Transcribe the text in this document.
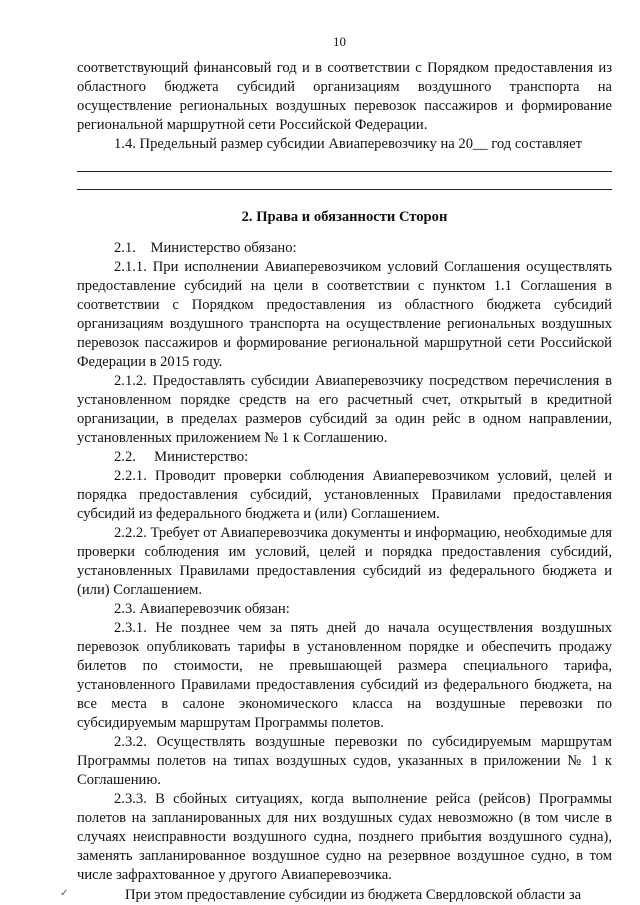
10

соответствующий финансовый год и в соответствии с Порядком предоставления из областного бюджета субсидий организациям воздушного транспорта на осуществление региональных воздушных перевозок пассажиров и формирование региональной маршрутной сети Российской Федерации.

1.4. Предельный размер субсидии Авиаперевозчику на 20__ год составляет

2. Права и обязанности Сторон

2.1.    Министерство обязано:

2.1.1. При исполнении Авиаперевозчиком условий Соглашения осуществлять предоставление субсидий на цели в соответствии с пунктом 1.1 Соглашения в соответствии с Порядком предоставления из областного бюджета субсидий организациям воздушного транспорта на осуществление региональных воздушных перевозок пассажиров и формирование региональной маршрутной сети Российской Федерации в 2015 году.

2.1.2. Предоставлять субсидии Авиаперевозчику посредством перечисления в установленном порядке средств на его расчетный счет, открытый в кредитной организации, в пределах размеров субсидий за один рейс в одном направлении, установленных приложением № 1 к Соглашению.

2.2.     Министерство:

2.2.1. Проводит проверки соблюдения Авиаперевозчиком условий, целей и порядка предоставления субсидий, установленных Правилами предоставления субсидий из федерального бюджета и (или) Соглашением.

2.2.2. Требует от Авиаперевозчика документы и информацию, необходимые для проверки соблюдения им условий, целей и порядка предоставления субсидий, установленных Правилами предоставления субсидий из федерального бюджета и (или) Соглашением.

2.3. Авиаперевозчик обязан:

2.3.1. Не позднее чем за пять дней до начала осуществления воздушных перевозок опубликовать тарифы в установленном порядке и обеспечить продажу билетов по стоимости, не превышающей размера специального тарифа, установленного Правилами предоставления субсидий из федерального бюджета, на все места в салоне экономического класса на воздушные перевозки по субсидируемым маршрутам Программы полетов.

2.3.2. Осуществлять воздушные перевозки по субсидируемым маршрутам Программы полетов на типах воздушных судов, указанных в приложении № 1 к Соглашению.

2.3.3. В сбойных ситуациях, когда выполнение рейса (рейсов) Программы полетов на запланированных для них воздушных судах невозможно (в том числе в случаях неисправности воздушного судна, позднего прибытия воздушного судна), заменять запланированное воздушное судно на резервное воздушное судно, в том числе зафрахтованное у другого Авиаперевозчика.

При этом предоставление субсидии из бюджета Свердловской области за

✓
